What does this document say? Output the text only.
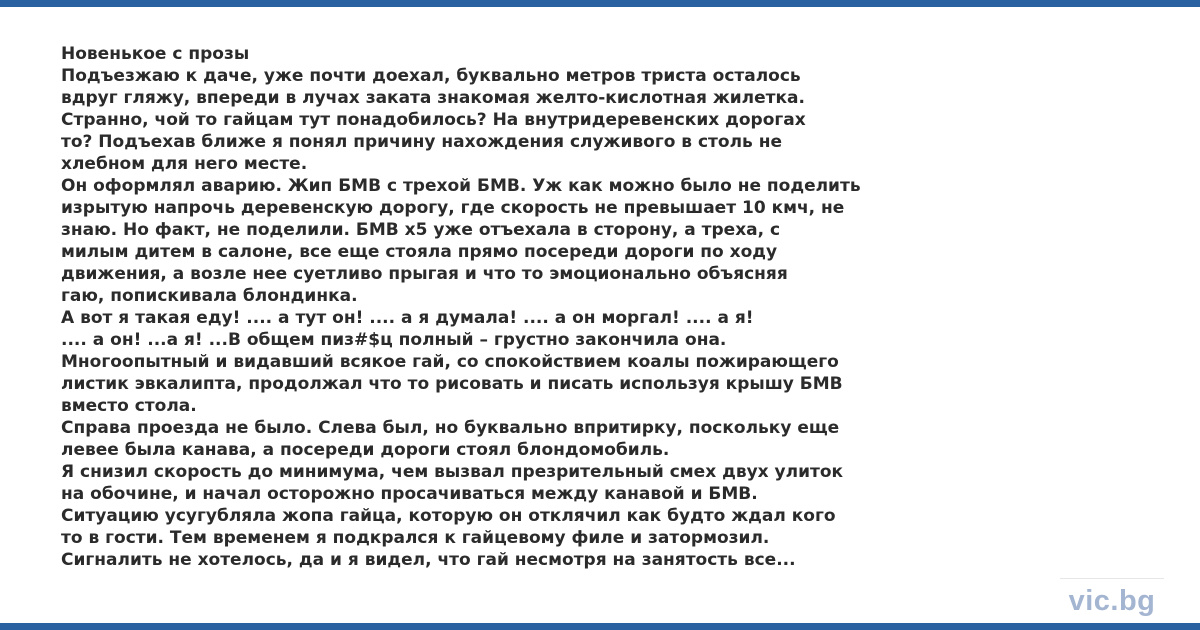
Новенькое с прозы
Подъезжаю к даче, уже почти доехал, буквально метров триста осталось
вдруг гляжу, впереди в лучах заката знакомая желто-кислотная жилетка.
Странно, чой то гайцам тут понадобилось? На внутридеревенских дорогах
то? Подъехав ближе я понял причину нахождения служивого в столь не
хлебном для него месте.
Он оформлял аварию. Жип БМВ с трехой БМВ. Уж как можно было не поделить
изрытую напрочь деревенскую дорогу, где скорость не превышает 10 кмч, не
знаю. Но факт, не поделили. БМВ х5 уже отъехала в сторону, а треха, с
милым дитем в салоне, все еще стояла прямо посереди дороги по ходу
движения, а возле нее суетливо прыгая и что то эмоционально объясняя
гаю, попискивала блондинка.
А вот я такая еду! .... а тут он! .... а я думала! .... а он моргал! .... а я!
.... а он! ...а я! ...В общем пиз#$ц полный – грустно закончила она.
Многоопытный и видавший всякое гай, со спокойствием коалы пожирающего
листик эвкалипта, продолжал что то рисовать и писать используя крышу БМВ
вместо стола.
Справа проезда не было. Слева был, но буквально впритирку, поскольку еще
левее была канава, а посереди дороги стоял блондомобиль.
Я снизил скорость до минимума, чем вызвал презрительный смех двух улиток
на обочине, и начал осторожно просачиваться между канавой и БМВ.
Ситуацию усугубляла жопа гайца, которую он отклячил как будто ждал кого
то в гости. Тем временем я подкрался к гайцевому филе и затормозил.
Сигналить не хотелось, да и я видел, что гай несмотря на занятость все...
vic.bg
